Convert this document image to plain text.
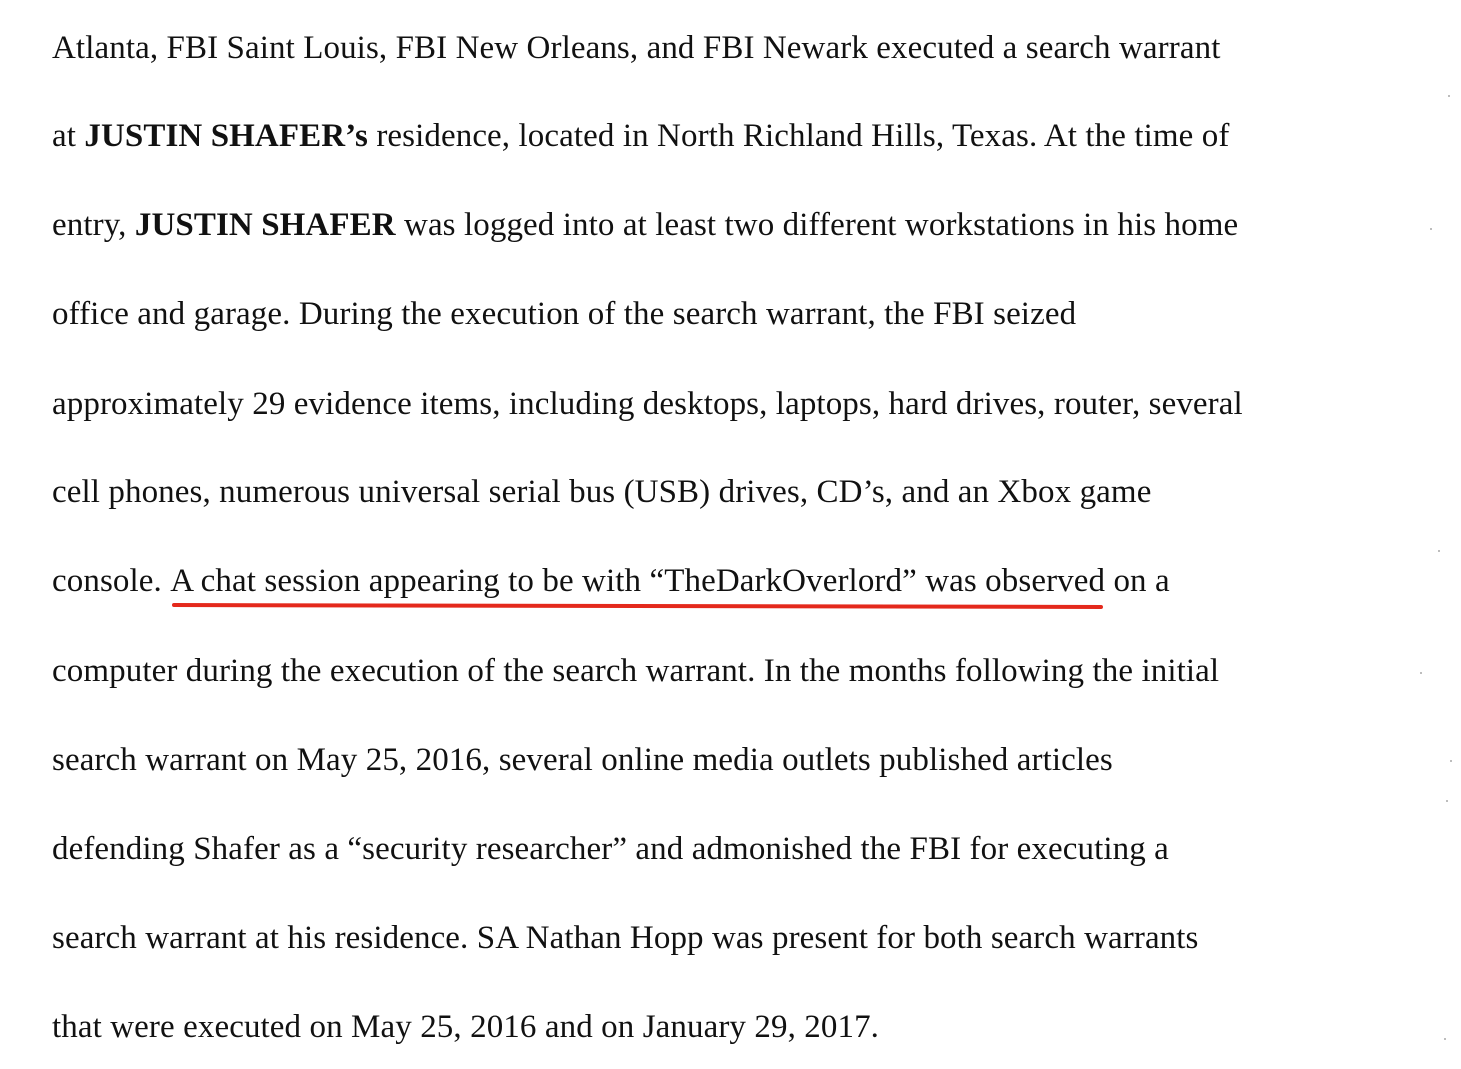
Atlanta, FBI Saint Louis, FBI New Orleans, and FBI Newark executed a search warrant
at JUSTIN SHAFER’s residence, located in North Richland Hills, Texas. At the time of
entry, JUSTIN SHAFER was logged into at least two different workstations in his home
office and garage. During the execution of the search warrant, the FBI seized
approximately 29 evidence items, including desktops, laptops, hard drives, router, several
cell phones, numerous universal serial bus (USB) drives, CD’s, and an Xbox game
console. A chat session appearing to be with “TheDarkOverlord” was observed on a
computer during the execution of the search warrant. In the months following the initial
search warrant on May 25, 2016, several online media outlets published articles
defending Shafer as a “security researcher” and admonished the FBI for executing a
search warrant at his residence. SA Nathan Hopp was present for both search warrants
that were executed on May 25, 2016 and on January 29, 2017.
